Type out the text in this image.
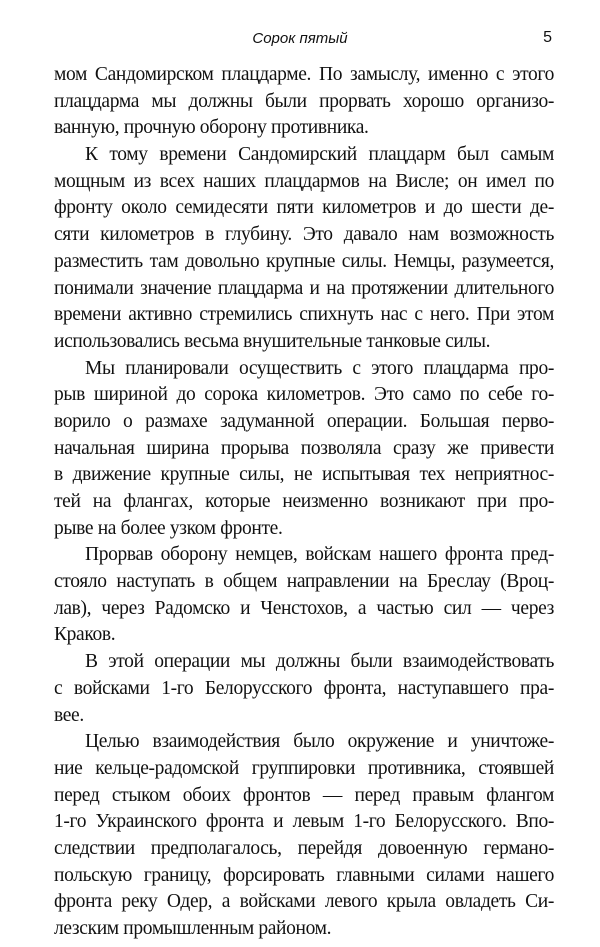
Сорок пятый	5
мом Сандомирском плацдарме. По замыслу, именно с этого
плацдарма мы должны были прорвать хорошо организо-
ванную, прочную оборону противника.
К тому времени Сандомирский плацдарм был самым
мощным из всех наших плацдармов на Висле; он имел по
фронту около семидесяти пяти километров и до шести де-
сяти километров в глубину. Это давало нам возможность
разместить там довольно крупные силы. Немцы, разумеется,
понимали значение плацдарма и на протяжении длительного
времени активно стремились спихнуть нас с него. При этом
использовались весьма внушительные танковые силы.
Мы планировали осуществить с этого плацдарма про-
рыв шириной до сорока километров. Это само по себе го-
ворило о размахе задуманной операции. Большая перво-
начальная ширина прорыва позволяла сразу же привести
в движение крупные силы, не испытывая тех неприятнос-
тей на флангах, которые неизменно возникают при про-
рыве на более узком фронте.
Прорвав оборону немцев, войскам нашего фронта пред-
стояло наступать в общем направлении на Бреслау (Вроц-
лав), через Радомско и Ченстохов, а частью сил — через
Краков.
В этой операции мы должны были взаимодействовать
с войсками 1-го Белорусского фронта, наступавшего пра-
вее.
Целью взаимодействия было окружение и уничтоже-
ние кельце-радомской группировки противника, стоявшей
перед стыком обоих фронтов — перед правым флангом
1-го Украинского фронта и левым 1-го Белорусского. Впо-
следствии предполагалось, перейдя довоенную германо-
польскую границу, форсировать главными силами нашего
фронта реку Одер, а войсками левого крыла овладеть Си-
лезским промышленным районом.
